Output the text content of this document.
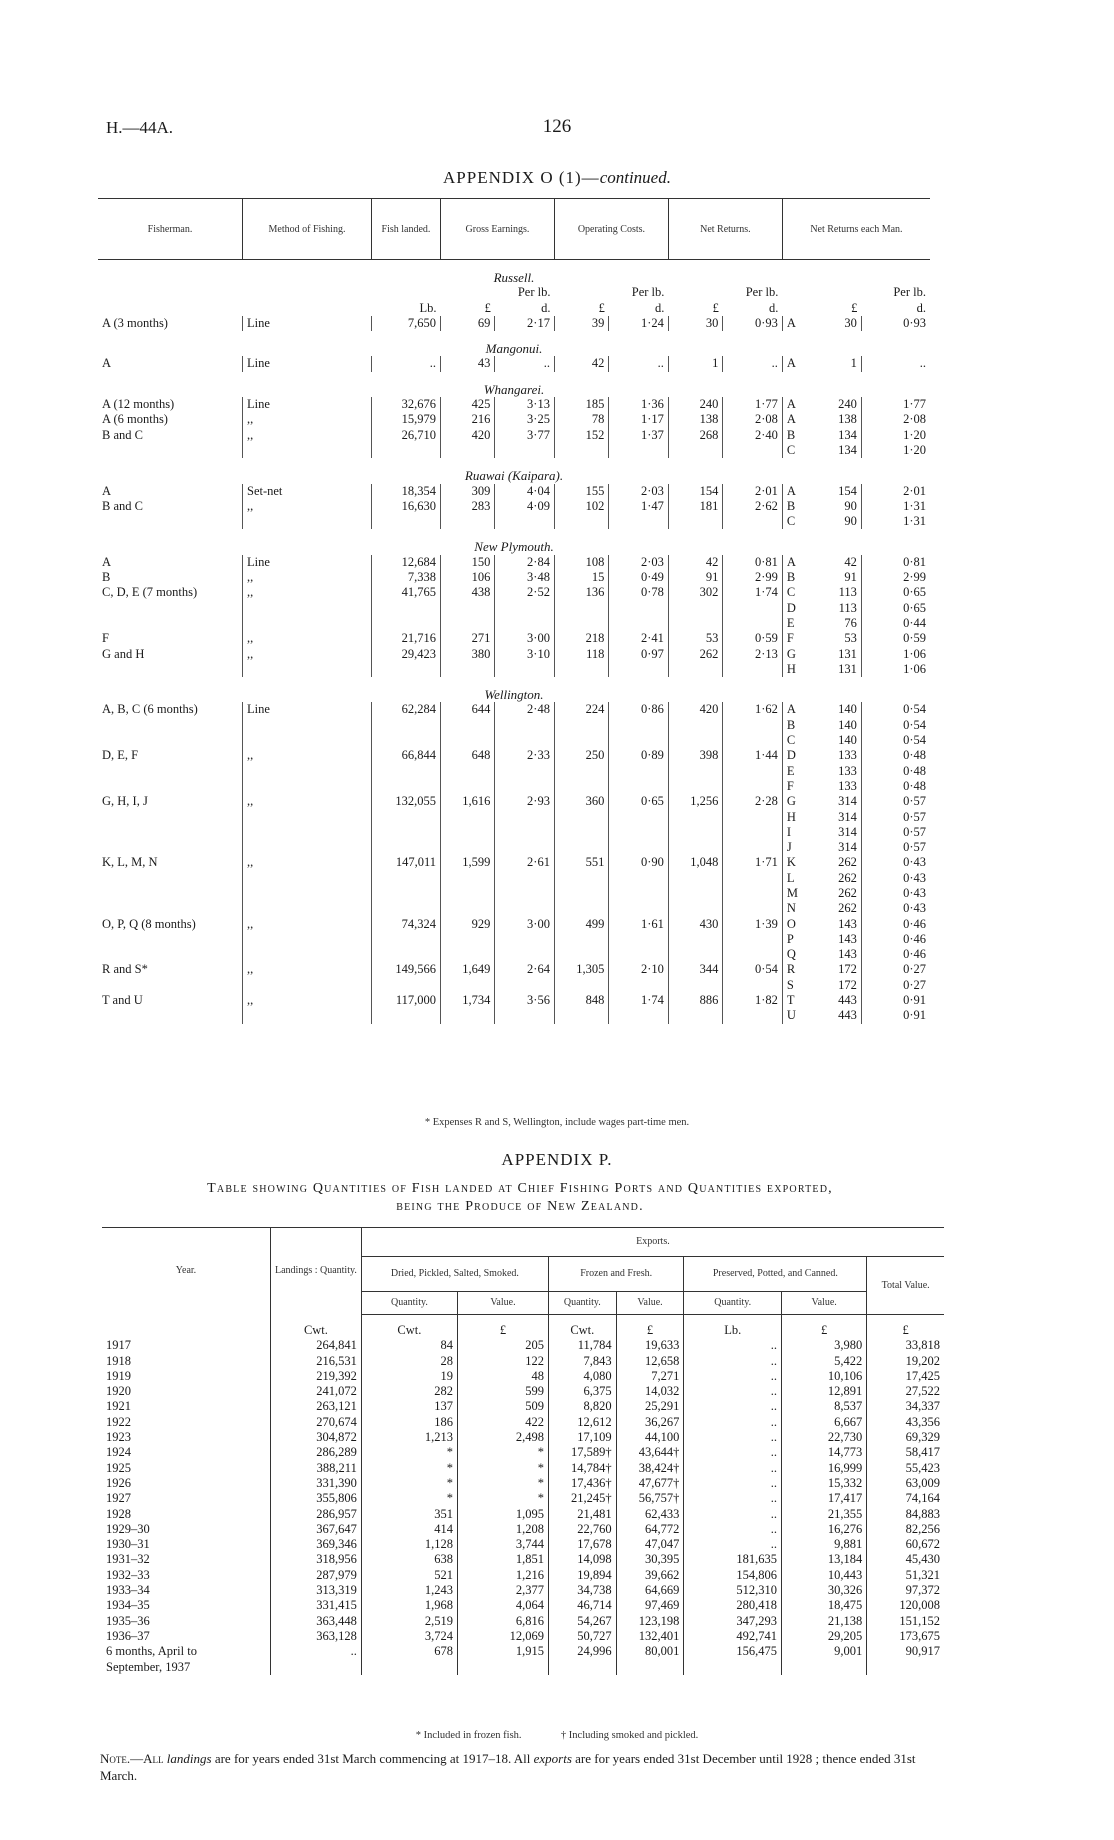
H.—44A.	126
APPENDIX O (1)—continued.
Fisherman.	Method of Fishing.	Fish landed.	Gross Earnings.		Operating Costs.		Net Returns.		Net Returns each Man.		
Russell.											
				Per lb.		Per lb.		Per lb.			Per lb.
		Lb.	£	d.	£	d.	£	d.		£	d.
A (3 months)	Line	7,650	69	2·17	39	1·24	30	0·93	A	30	0·93
Mangonui.											
A	Line	..	43	..	42	..	1	..	A	1	..
Whangarei.											
A (12 months)	Line	32,676	425	3·13	185	1·36	240	1·77	A	240	1·77
A (6 months)	,,	15,979	216	3·25	78	1·17	138	2·08	A	138	2·08
B and C	,,	26,710	420	3·77	152	1·37	268	2·40	B	134	1·20
									C	134	1·20
Ruawai (Kaipara).											
A	Set-net	18,354	309	4·04	155	2·03	154	2·01	A	154	2·01
B and C	,,	16,630	283	4·09	102	1·47	181	2·62	B	90	1·31
									C	90	1·31
New Plymouth.											
A	Line	12,684	150	2·84	108	2·03	42	0·81	A	42	0·81
B	,,	7,338	106	3·48	15	0·49	91	2·99	B	91	2·99
C, D, E (7 months)	,,	41,765	438	2·52	136	0·78	302	1·74	C	113	0·65
									D	113	0·65
									E	76	0·44
F	,,	21,716	271	3·00	218	2·41	53	0·59	F	53	0·59
G and H	,,	29,423	380	3·10	118	0·97	262	2·13	G	131	1·06
									H	131	1·06
Wellington.											
A, B, C (6 months)	Line	62,284	644	2·48	224	0·86	420	1·62	A	140	0·54
									B	140	0·54
									C	140	0·54
D, E, F	,,	66,844	648	2·33	250	0·89	398	1·44	D	133	0·48
									E	133	0·48
									F	133	0·48
G, H, I, J	,,	132,055	1,616	2·93	360	0·65	1,256	2·28	G	314	0·57
									H	314	0·57
									I	314	0·57
									J	314	0·57
K, L, M, N	,,	147,011	1,599	2·61	551	0·90	1,048	1·71	K	262	0·43
									L	262	0·43
									M	262	0·43
									N	262	0·43
O, P, Q (8 months)	,,	74,324	929	3·00	499	1·61	430	1·39	O	143	0·46
									P	143	0·46
									Q	143	0·46
R and S*	,,	149,566	1,649	2·64	1,305	2·10	344	0·54	R	172	0·27
									S	172	0·27
T and U	,,	117,000	1,734	3·56	848	1·74	886	1·82	T	443	0·91
									U	443	0·91
* Expenses R and S, Wellington, include wages part-time men.
APPENDIX P.
Table showing Quantities of Fish landed at Chief Fishing Ports and Quantities exported,
being the Produce of New Zealand.
Year.	Landings : Quantity.	Exports.						
		Dried, Pickled, Salted, Smoked.		Frozen and Fresh.		Preserved, Potted, and Canned.		Total Value.
		Quantity.	Value.	Quantity.	Value.	Quantity.	Value.	
	Cwt.	Cwt.	£	Cwt.	£	Lb.	£	£
1917	264,841	84	205	11,784	19,633	..	3,980	33,818
1918	216,531	28	122	7,843	12,658	..	5,422	19,202
1919	219,392	19	48	4,080	7,271	..	10,106	17,425
1920	241,072	282	599	6,375	14,032	..	12,891	27,522
1921	263,121	137	509	8,820	25,291	..	8,537	34,337
1922	270,674	186	422	12,612	36,267	..	6,667	43,356
1923	304,872	1,213	2,498	17,109	44,100	..	22,730	69,329
1924	286,289	*	*	17,589†	43,644†	..	14,773	58,417
1925	388,211	*	*	14,784†	38,424†	..	16,999	55,423
1926	331,390	*	*	17,436†	47,677†	..	15,332	63,009
1927	355,806	*	*	21,245†	56,757†	..	17,417	74,164
1928	286,957	351	1,095	21,481	62,433	..	21,355	84,883
1929–30	367,647	414	1,208	22,760	64,772	..	16,276	82,256
1930–31	369,346	1,128	3,744	17,678	47,047	..	9,881	60,672
1931–32	318,956	638	1,851	14,098	30,395	181,635	13,184	45,430
1932–33	287,979	521	1,216	19,894	39,662	154,806	10,443	51,321
1933–34	313,319	1,243	2,377	34,738	64,669	512,310	30,326	97,372
1934–35	331,415	1,968	4,064	46,714	97,469	280,418	18,475	120,008
1935–36	363,448	2,519	6,816	54,267	123,198	347,293	21,138	151,152
1936–37	363,128	3,724	12,069	50,727	132,401	492,741	29,205	173,675

6 months, April to
September, 1937	..	678	1,915	24,996	80,001	156,475	9,001	90,917
* Included in frozen fish.	† Including smoked and pickled.
Note.—All landings are for years ended 31st March commencing at 1917–18. All exports are for years ended 31st December until 1928 ; thence ended 31st March.
